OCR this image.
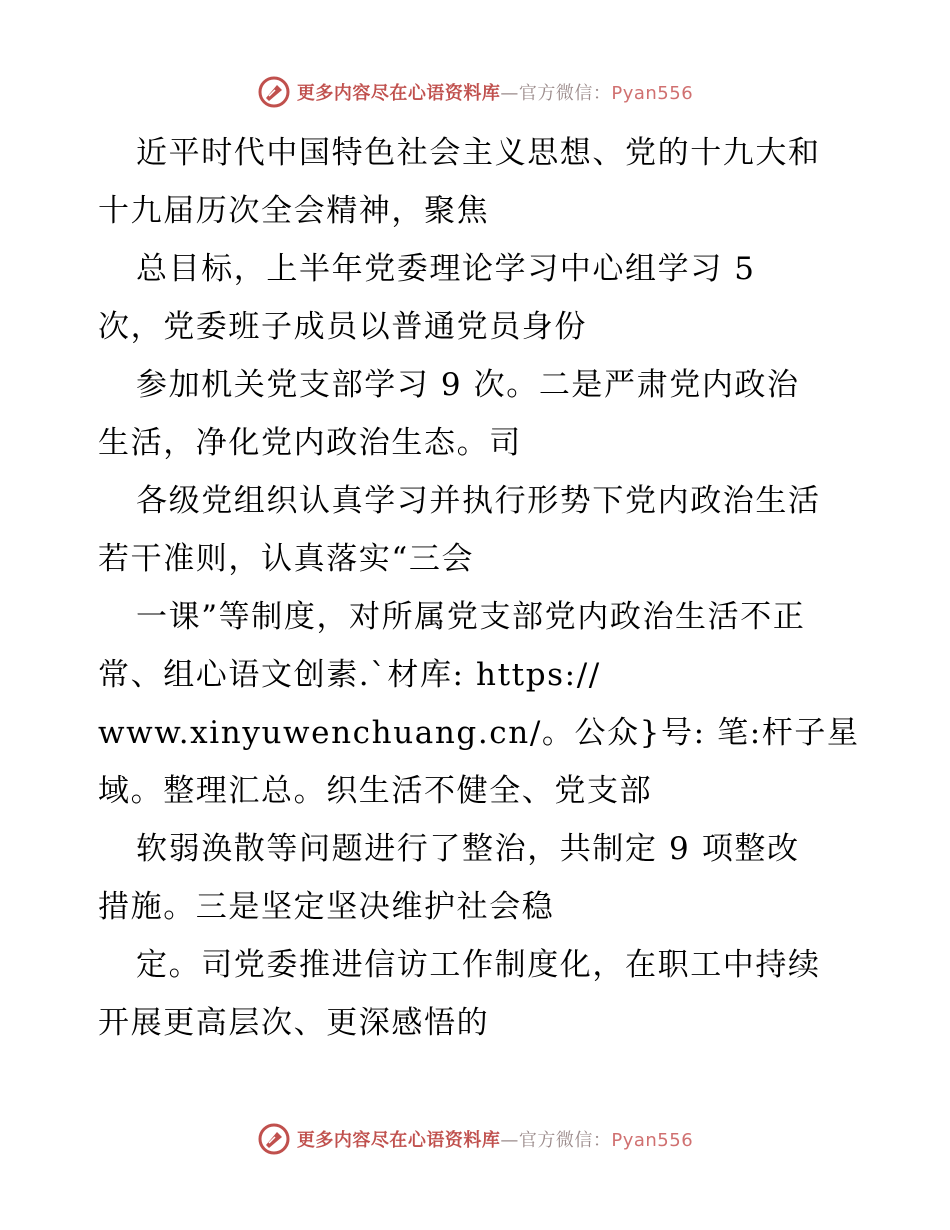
更多内容尽在心语资料库—官方微信：Pyan556
近平时代中国特色社会主义思想、党的十九大和
十九届历次全会精神，聚焦
总目标，上半年党委理论学习中心组学习 5
次，党委班子成员以普通党员身份
参加机关党支部学习 9 次。二是严肃党内政治
生活，净化党内政治生态。司
各级党组织认真学习并执行形势下党内政治生活
若干准则，认真落实“三会
一课”等制度，对所属党支部党内政治生活不正
常、组心语文创素.`材库: https://
www.xinyuwenchuang.cn/。公众}号: 笔:杆子星
域。整理汇总。织生活不健全、党支部
软弱涣散等问题进行了整治，共制定 9 项整改
措施。三是坚定坚决维护社会稳
定。司党委推进信访工作制度化，在职工中持续
开展更高层次、更深感悟的
更多内容尽在心语资料库—官方微信：Pyan556
